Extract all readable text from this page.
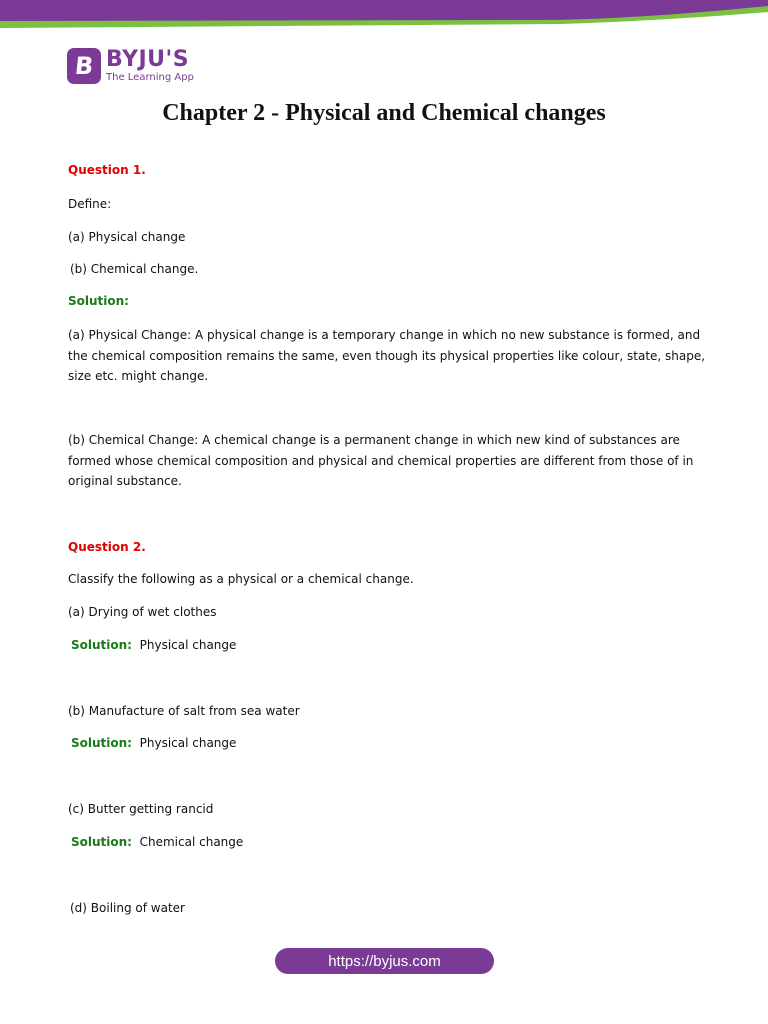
B BYJU'S
The Learning App
Chapter 2 - Physical and Chemical changes
Question 1.
Define:
(a) Physical change
(b) Chemical change.
Solution:
(a) Physical Change: A physical change is a temporary change in which no new substance is formed, and the chemical composition remains the same, even though its physical properties like colour, state, shape, size etc. might change.
(b) Chemical Change: A chemical change is a permanent change in which new kind of substances are formed whose chemical composition and physical and chemical properties are different from those of in original substance.
Question 2.
Classify the following as a physical or a chemical change.
(a) Drying of wet clothes
Solution: Physical change
(b) Manufacture of salt from sea water
Solution: Physical change
(c) Butter getting rancid
Solution: Chemical change
(d) Boiling of water
https://byjus.com
